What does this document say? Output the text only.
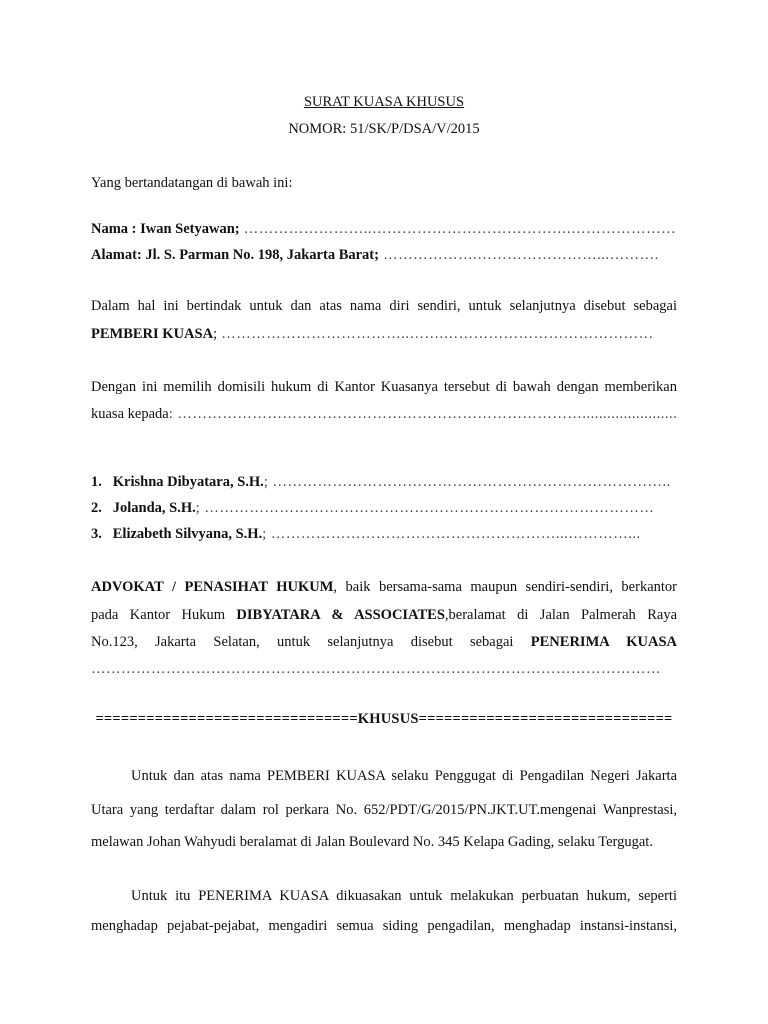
SURAT KUASA KHUSUS
NOMOR: 51/SK/P/DSA/V/2015
Yang bertandatangan di bawah ini:
Nama : Iwan Setyawan; ……………………..………………………………….…………………
Alamat: Jl. S. Parman No. 198, Jakarta Barat; ……………….……………………...……….
Dalam hal ini bertindak untuk dan atas nama diri sendiri, untuk selanjutnya disebut sebagai
PEMBERI KUASA; ………………………………..…….……………………………………
Dengan ini memilih domisili hukum di Kantor Kuasanya tersebut di bawah dengan memberikan
kuasa kepada: ……………………………………………………………………….......................
1. Krishna Dibyatara, S.H.; ……………………………………………………………………..
2. Jolanda, S.H.; ………………………………………………………………………………
3. Elizabeth Silvyana, S.H.; …………………………………………………...…………...
ADVOKAT / PENASIHAT HUKUM, baik bersama-sama maupun sendiri-sendiri, berkantor
pada Kantor Hukum DIBYATARA & ASSOCIATES,beralamat di Jalan Palmerah Raya
No.123, Jakarta Selatan, untuk selanjutnya disebut sebagai PENERIMA KUASA
……………………………………………………………………………………………………
===============================KHUSUS==============================
Untuk dan atas nama PEMBERI KUASA selaku Penggugat di Pengadilan Negeri Jakarta
Utara yang terdaftar dalam rol perkara No. 652/PDT/G/2015/PN.JKT.UT.mengenai Wanprestasi,
melawan Johan Wahyudi beralamat di Jalan Boulevard No. 345 Kelapa Gading, selaku Tergugat.
Untuk itu PENERIMA KUASA dikuasakan untuk melakukan perbuatan hukum, seperti
menghadap pejabat-pejabat, mengadiri semua siding pengadilan, menghadap instansi-instansi,
